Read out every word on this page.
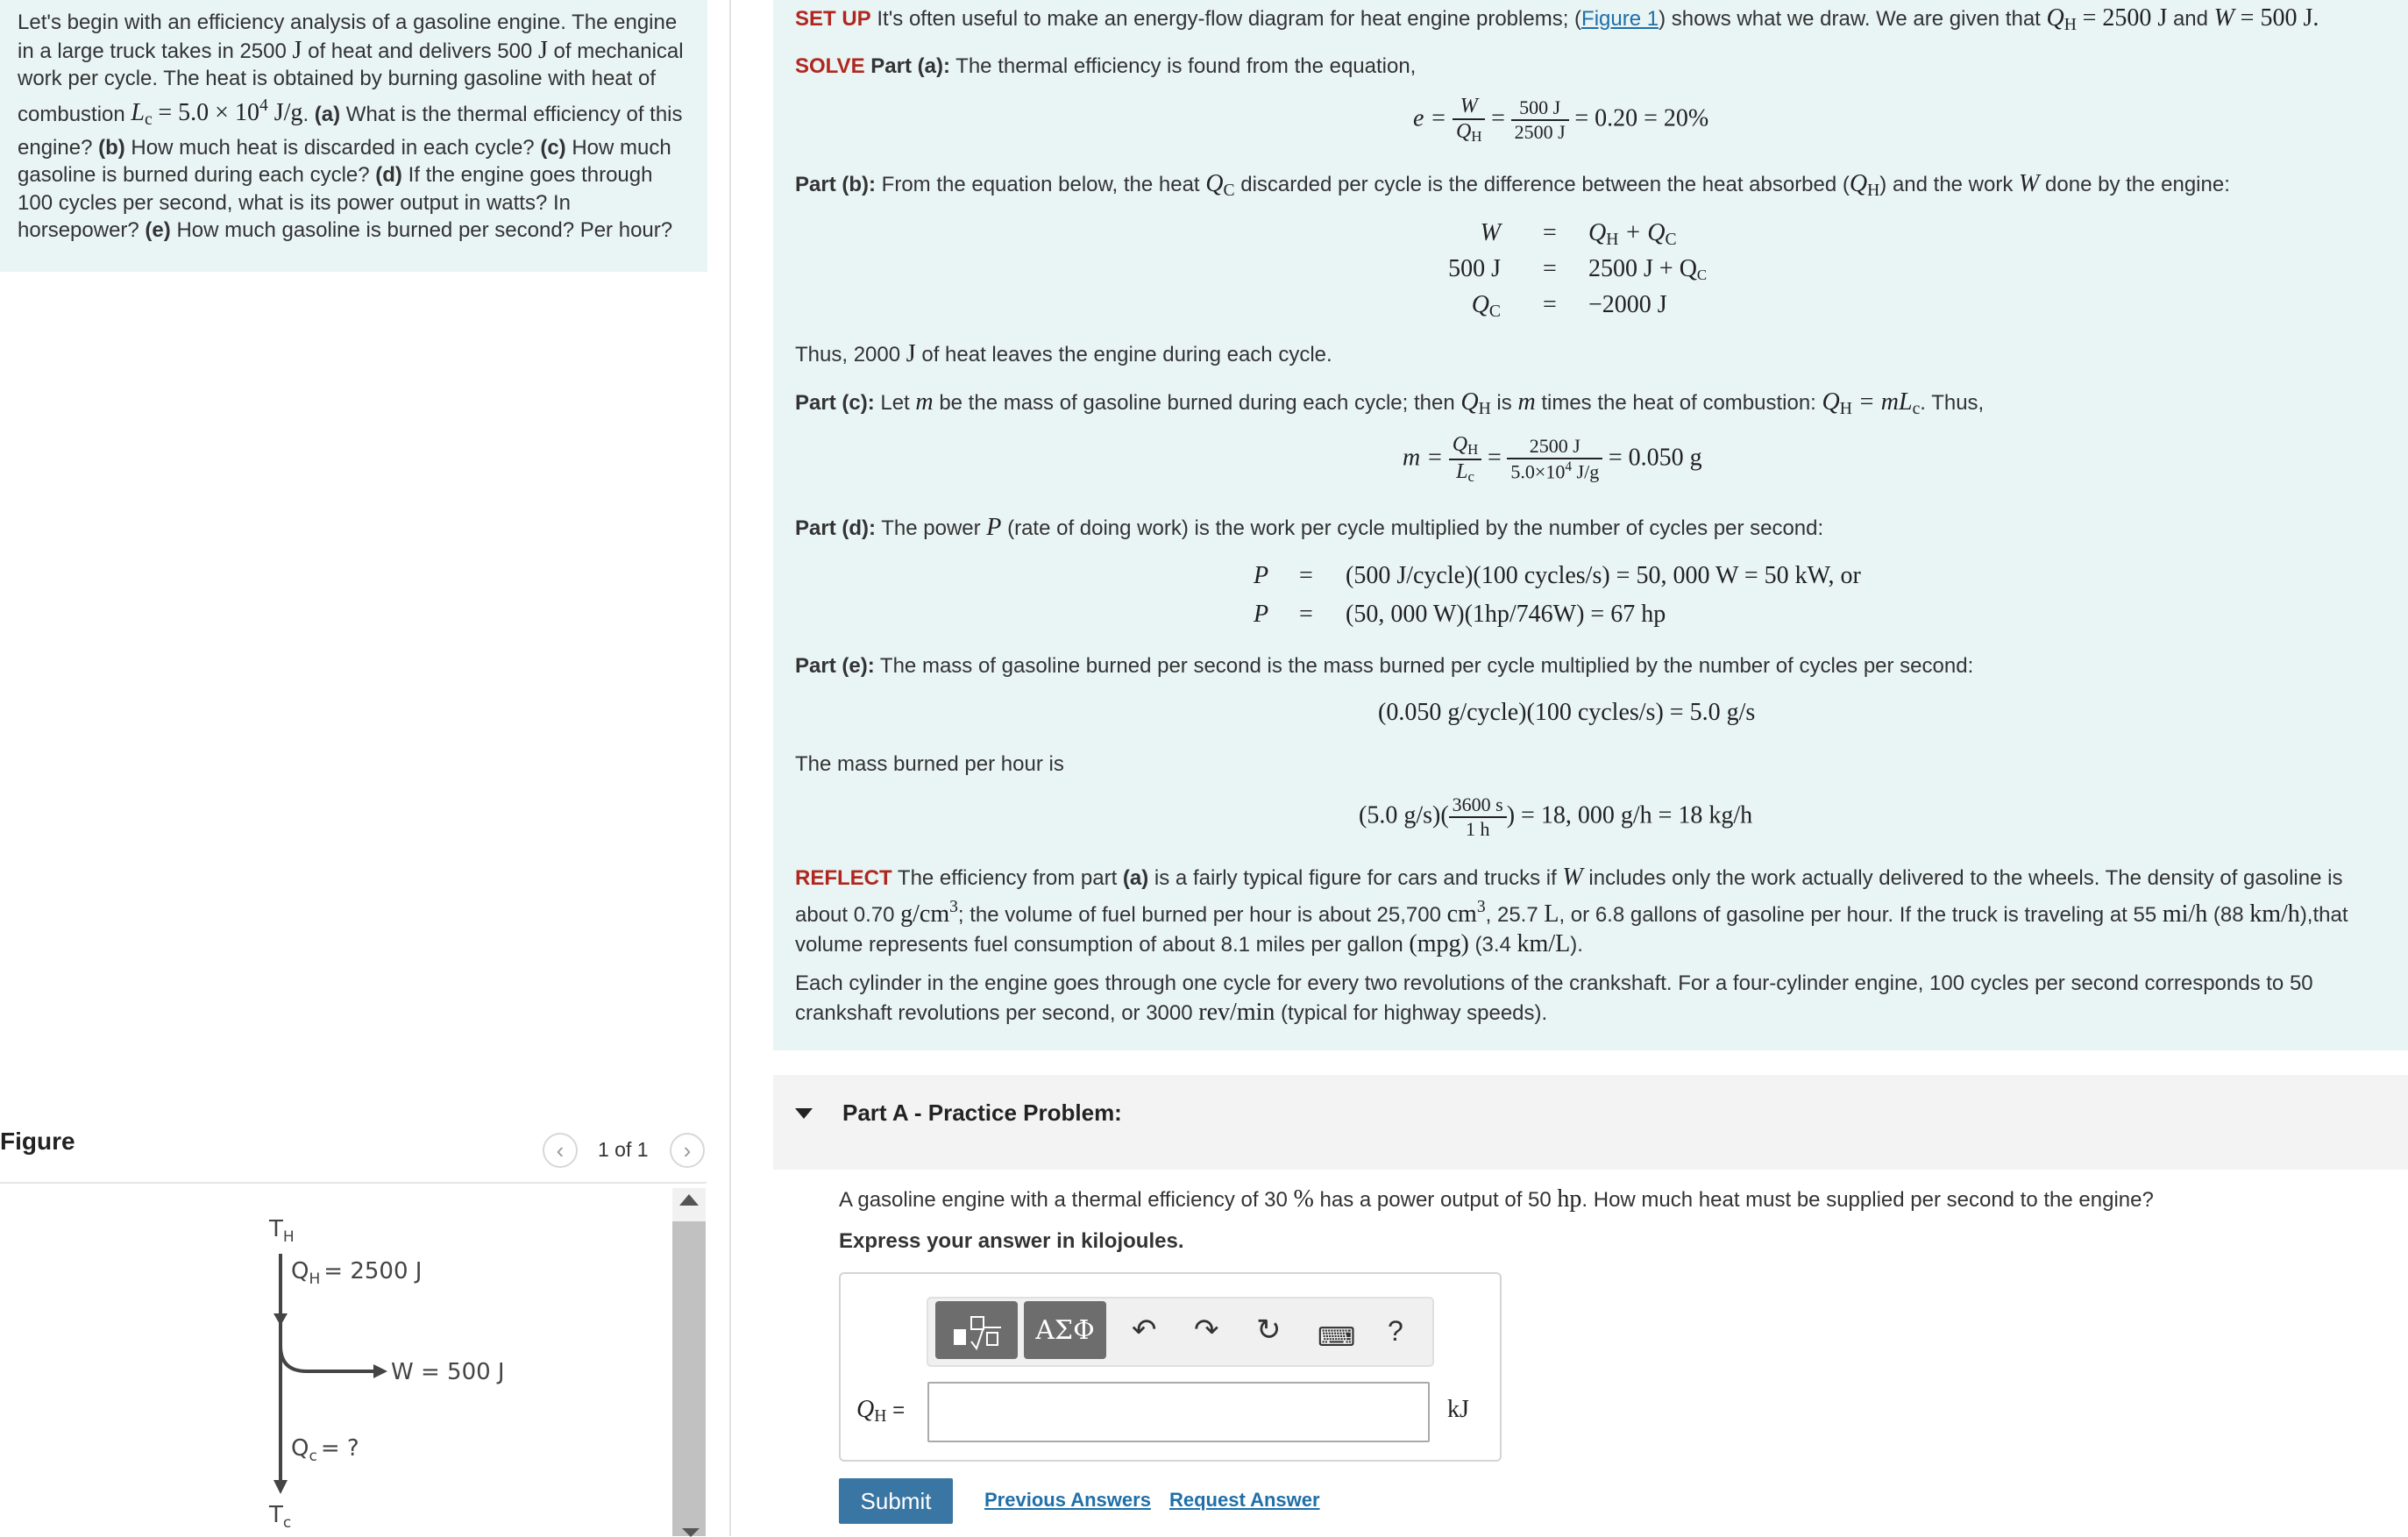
Let's begin with an efficiency analysis of a gasoline engine. The engine in a large truck takes in 2500 J of heat and delivers 500 J of mechanical work per cycle. The heat is obtained by burning gasoline with heat of combustion $L_c = 5.0 \times 10^4$ J/g. (a) What is the thermal efficiency of this engine? (b) How much heat is discarded in each cycle? (c) How much gasoline is burned during each cycle? (d) If the engine goes through 100 cycles per second, what is its power output in watts? In horsepower? (e) How much gasoline is burned per second? Per hour?
Figure	‹ 1 of 1 ›
$T_H$
$Q_H = 2500$ J
W = 500 J
$Q_c$ = ?
$T_c$
SET UP It's often useful to make an energy-flow diagram for heat engine problems; (Figure 1) shows what we draw. We are given that $Q_H = 2500$ J and W = 500 J.
SOLVE Part (a): The thermal efficiency is found from the equation,
$e = \frac{W}{Q_H} = \frac{500 J}{2500 J} = 0.20 = 20\%$
Part (b): From the equation below, the heat $Q_C$ discarded per cycle is the difference between the heat absorbed $(Q_H)$ and the work W done by the engine:
$W = Q_H + Q_C$
500 J = 2500 $J + Q_C$
$Q_C = -2000$ J
Thus, 2000 J of heat leaves the engine during each cycle.
Part (c): Let m be the mass of gasoline burned during each cycle; then $Q_H$ is m times the heat of combustion: $Q_H = mL_c$. Thus,
$m = \frac{Q_H}{L_c} = \frac{2500 J}{5.0\times 10^4 J/g} = 0.050$ g
Part (d): The power P (rate of doing work) is the work per cycle multiplied by the number of cycles per second:
P = (500 J/cycle)(100 cycles/s) = 50, 000 W = 50 kW, or
P = (50, 000 W)(1hp/746W) = 67 hp
Part (e): The mass of gasoline burned per second is the mass burned per cycle multiplied by the number of cycles per second:
(0.050 g/cycle)(100 cycles/s) = 5.0 g/s
The mass burned per hour is
(5.0 $g/s)( \frac{3600 s}{1 h}$ ) = 18, 000 g/h = 18 kg/h
REFLECT The efficiency from part (a) is a fairly typical figure for cars and trucks if W includes only the work actually delivered to the wheels. The density of gasoline is about 0.70 $g/cm^3$; the volume of fuel burned per hour is about 25,700 $cm^3$, 25.7 L, or 6.8 gallons of gasoline per hour. If the truck is traveling at 55 mi/h (88 km/h),that volume represents fuel consumption of about 8.1 miles per gallon (mpg) (3.4 km/L).
Each cylinder in the engine goes through one cycle for every two revolutions of the crankshaft. For a four-cylinder engine, 100 cycles per second corresponds to 50 crankshaft revolutions per second, or 3000 rev/min (typical for highway speeds).
Part A - Practice Problem:
A gasoline engine with a thermal efficiency of 30 % has a power output of 50 hp. How much heat must be supplied per second to the engine?
Express your answer in kilojoules.
ΑΣΦ ↶ ↷ ↻ ⌨ ?
$Q_H$ =	kJ
Submit	Previous Answers Request Answer
